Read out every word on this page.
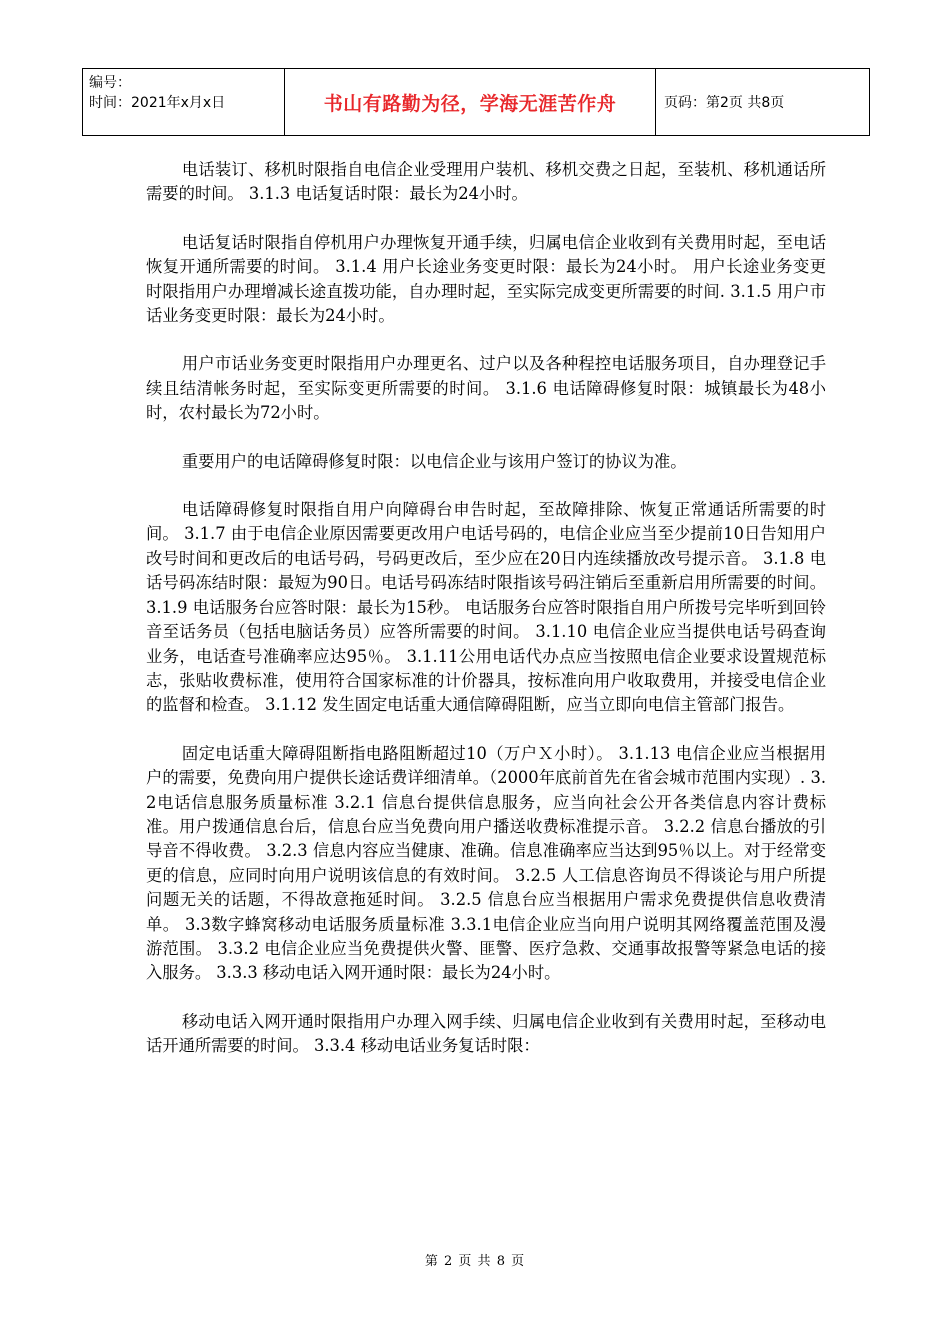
编号：
时间：2021年x月x日	书山有路勤为径，学海无涯苦作舟	页码：第2页 共8页

电话装订、移机时限指自电信企业受理用户装机、移机交费之日起，至装机、移机通话所需要的时间。 3.1.3 电话复话时限：最长为24小时。

电话复话时限指自停机用户办理恢复开通手续，归属电信企业收到有关费用时起，至电话恢复开通所需要的时间。 3.1.4 用户长途业务变更时限：最长为24小时。 用户长途业务变更时限指用户办理增减长途直拨功能，自办理时起，至实际完成变更所需要的时间. 3.1.5 用户市话业务变更时限：最长为24小时。

用户市话业务变更时限指用户办理更名、过户以及各种程控电话服务项目，自办理登记手续且结清帐务时起，至实际变更所需要的时间。 3.1.6 电话障碍修复时限：城镇最长为48小时，农村最长为72小时。

重要用户的电话障碍修复时限：以电信企业与该用户签订的协议为准。

电话障碍修复时限指自用户向障碍台申告时起，至故障排除、恢复正常通话所需要的时间。 3.1.7 由于电信企业原因需要更改用户电话号码的，电信企业应当至少提前10日告知用户改号时间和更改后的电话号码，号码更改后，至少应在20日内连续播放改号提示音。 3.1.8 电话号码冻结时限：最短为90日。电话号码冻结时限指该号码注销后至重新启用所需要的时间。 3.1.9 电话服务台应答时限：最长为15秒。 电话服务台应答时限指自用户所拨号完毕听到回铃音至话务员（包括电脑话务员）应答所需要的时间。 3.1.10 电信企业应当提供电话号码查询业务，电话查号准确率应达95％。 3.1.11公用电话代办点应当按照电信企业要求设置规范标志，张贴收费标准，使用符合国家标准的计价器具，按标准向用户收取费用，并接受电信企业的监督和检查。 3.1.12 发生固定电话重大通信障碍阻断，应当立即向电信主管部门报告。

固定电话重大障碍阻断指电路阻断超过10（万户Ｘ小时）。 3.1.13 电信企业应当根据用户的需要，免费向用户提供长途话费详细清单。（2000年底前首先在省会城市范围内实现）. 3.2电话信息服务质量标准 3.2.1 信息台提供信息服务，应当向社会公开各类信息内容计费标准。用户拨通信息台后，信息台应当免费向用户播送收费标准提示音。 3.2.2 信息台播放的引导音不得收费。 3.2.3 信息内容应当健康、准确。信息准确率应当达到95％以上。对于经常变更的信息，应同时向用户说明该信息的有效时间。 3.2.5 人工信息咨询员不得谈论与用户所提问题无关的话题，不得故意拖延时间。 3.2.5 信息台应当根据用户需求免费提供信息收费清单。 3.3数字蜂窝移动电话服务质量标准 3.3.1电信企业应当向用户说明其网络覆盖范围及漫游范围。 3.3.2 电信企业应当免费提供火警、匪警、医疗急救、交通事故报警等紧急电话的接入服务。 3.3.3 移动电话入网开通时限：最长为24小时。

移动电话入网开通时限指用户办理入网手续、归属电信企业收到有关费用时起，至移动电话开通所需要的时间。 3.3.4 移动电话业务复话时限：

第 2 页 共 8 页
